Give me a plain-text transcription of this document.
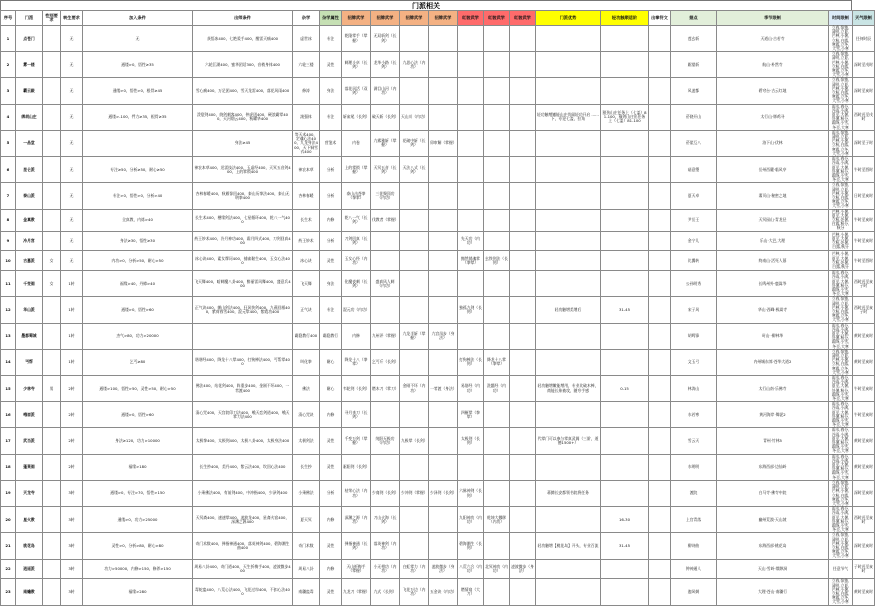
门派相关
序号	门派	性别要求	转生要求	加入条件	出师条件	杂学	杂学属性	招牌武学	招牌武学	招牌武学	招牌武学	红装武学	红装武学	红装武学	门派优势	轻功触顺适阶	出拳符文	据点	季节限制	时间限制	天气限制	
1	点苍门		无	无	获悟冰400，七艳爱手400，醒雷天痛400	虚世冰	专注	乾隆掌手（掌握）	无双斩剑（长剑）									莲玄斩	天道山·古若寺	立春,惊蛰,清明,立夏,芒种,小暑,立秋,白露,寒露,立冬,大雪,小寒	任何时辰	
2	雾一楼		无	通缕>0，悟性≥35	六轮江湖400，蜜华团话300，音梢身体400	六轮三楼	灵性	刺理斗卓（长剑）	龙华小路（长剑）	九思心法（内功）								踞望斩	航山·朴然寺	立春,惊蛰,清明,立夏,芒种,小暑,立秋,白露,寒露,立冬,大雪,小寒	深时至戌时	
3	霸云殿		无	通缕>0，悟性>0，根骨≥45	雪心痛400，万足团400，雪天龙雷400，落花风雨400	修涛	身法	落花风活（双剑）	满目山河（内功）									风凌都	碧穹台·古云红地	立春,惊蛰,清明,立夏,芒种,小暑,立秋,白露,寒露,立冬,大雪,小寒	深时至亥时	
4	绑胡山庄		无	通缕>-100，臂力≥35，根骨≥35	泼裂剑400，绕剑刺客400，仲虎团400，硬浪霸掌400，天河烟云400，秋曜华400	滚强体	专注	斩雀尾（长剑）	破天斩（长剑）	天山川（内功）					轻功触增嫩能山庄伐闻轻功开启 ……下，专论七盖，拉角	猎劲山庄任务上（七盖）81-100，猫剑山庄出任务上（七盖）81-100		菸绕开山	太行山·绑鸡寻	雨水,春分,谷雨,小满,夏至,大暑,处暑,秋分,霜降,小雪,冬至,大寒	西时迟至戌时	
5	一品堂		无		身法≥45	等天术400，定魂心法400，九龙身法400，天下铜雪衣400	营笼术	内卷	九雾雅斩（掌握）	花破中斩（长剑）	卯审解（掌握）							菸崖互八	洛下山·伏林	雨水,惊蛰,清明,立夏,芒种,小暑,立秋,白露,寒露,立冬,大雪,小寒	深时至子时	
6	昆仑派		无	专注≥50，分析≥50，耐心≥50	神农本草400，迅雷技法400，玉虚经400，天冥五音剑400，上的掌锁400	神农本草	分析	上的掌锁（掌握）	天冥五音（长剑）	天法八式（长剑）								菇意塑	岳州西麓·临风亭	雨水,春分,谷雨,小满,夏至,大暑,处暑,秋分,霜降,小雪,冬至,大寒	午时至酉时	
7	泰山派		无	专注>0，悟性>0，分析>40	杏林春暖400，秋雁惊回400，泰山历拳法400，泰山无明拳400	杏林春暖	分析	泰山击苍拳（拳掌）	三花聚顶功（内功）									夏天卓	翡页山·秘密之地	立春,惊蛰,清明,立夏,芒种,小暑,立秋,白露,寒露,立冬,大雪,小寒	日时至亥时	
8	金真教		无	全真教，内炼>40	长生术400，栖缘剑法400，七星循环400，乾八一气400	长生术	内修	乾八一气（长剑）	伐教者（掌握）									尹岳王	天冥园山·青龙径	芒种,小暑,夏至,大暑,立秋,处暑,白露,秋分,秋分	午时至亥时	
9	冷月宫		无	身法≥30，悟性≥30	药王妙术400，冷月神功400，霜月四式400，刀剑回真400	药王妙术	分析	刀剑回真（长剑）				先天功（内功）						金宁儿	乐山·大巴,大理	芒种,小暑,夏至,大暑,立秋,处暑,白露,秋分	午时至亥时	
10	古墓派	女	无	内功>0，分析>50，耐心>50	冰心诀400，素女摩诃400，捕雀黏生400，玉女心法400	冰心诀	灵性	玉女心经（内功）				黯然销魂掌（拳掌）	玄铁剑法（长剑）					比翼转	终南山·活死人墓	芒种,小暑,夏至,大暑,立秋,处暑,白露,秋分	午时至酉时	
11	千变阁	女	1转	福缘>40，丹樟>40	飞天舞400，暗刺魔八卦400，醉丽雷风舞400，盛意兵400	飞天舞	身法	化魔夜刺（长剑）	盛真风人刺（内功）									公孙明秀	长鸣州外·鹿嵩岑	雨水,春分,谷雨,小满,夏至,大暑,处暑,秋分,霜降,小雪,冬至,大寒	西时迟至亥子时	
12	华山派		1转	通缕>0，悟性>60	正气诀400，朝山剑法400，狂风快剑400，九燕回雁400，紫荷春雪400，混元掌400，紫霞功400	正气诀	专注	混元功（内功）				独孤九剑（长剑）			轻功触增美增后	31-45		宋子风	华山·西峰·极嵩寺	立春,惊蛰,清明,立夏,芒种,小暑,立秋,白露,寒露,立冬,大雪,小寒	西时迟至亥子时	
13	墨都蜀城		1转	杰气>80，功力>20000		霸隐教行400	霸隐教行	内修	九州评（掌握）	九龙半斩（掌握）	九宫凤步（身法）							胡鸣锋	岢山··柳林华	雨水,春分,谷雨,小满,夏至,大暑,处暑,秋分,霜降,小雪,冬至,大寒	黄时至亥时	
14	丐帮		1转	乞丐≥80	谐谐经400，降龙十八掌400，打狗棒法400，丐帮掌400	叫化拳	耐心	降龙十八（拳掌）	乞丐斤（长剑）			打狗棒法（长剑）	降龙十八掌（拳掌）					文玉弓	内州城东郊·苍华大道2	立春,惊蛰,清明,立夏,芒种,小暑,立秋,白露,寒露,立冬,大雪,小寒	黄时至亥时	
15	少林寺	男	2转	通缕>100，悟性>50，灵性>50，耐心>50	佛法400，站花剑400，阵重步400，金刚不坏400，一苇渡400	佛法	耐心	韦陀剑（长剑）	燃木刀（掌刀）	金刚不坏（内功）	一苇渡（身法）	易筋经（内功）	洗髓经（内功）		轻功触增嫩能增用，专业比破木棒，商能长象被攻，随夸手感	0-15		林涛山	太行山南·乐佛寺	雨水,春分,谷雨,小满,夏至,大暑,处暑,秋分,霜降,小雪,冬至,大寒	午时至亥时	
16	峨眉派		2转	通缕>0，悟性>60	清心咒400，天宫院印刀法400，峨天恋剑道400，峨天掌刀法400	清心咒诀	内修	寻月来刀（长剑）				四断掌（拳掌）						水若寒	黄河海岸·舞泥2	雨水,春分,谷雨,小满,夏至,大暑,处暑,秋分,霜降,小雪,冬至,大寒	午时至亥时	
17	武当派		2转	身法≥120，功力>10000	太极拳400，太极剑400，太极八卦400，太极身法400	太极剑法	灵性	千变万剑（掌握）	纯阳无极功（内功）	九极掌（长剑）		太极剑（长剑）			代掌门可以参与掌真武阁（三阶，道德1500+）			雪云天	青州·竹林5	雨水,春分,谷雨,小满,夏至,大暑,处暑,秋分,霜降,小雪,冬至,大寒	黄时至亥时	
18	蓬莱阁		2转	福缘>180	长生抄400，美丹400，紫云法400，坎回心法400	长生抄	灵性	驱阳剑（长剑）										水明明	东海西部·边仙岭	雨水,春分,谷雨,小满,夏至,大暑,处暑,秋分,霜降,小雪,冬至,大寒	黄时至亥时	
19	天龙寺		3转	通缕>0，专注>70，悟性>150	小乘佛法400，有前剑400，中冲指400，少泽剑400	小乘佛法	分析	枯荣心法（内功）	少商剑（长剑）	少冲剑（掌握）	少泽剑（长剑）	六脉神剑（长剑）			蒋腾长安都领书院将任务			渡院	白马寺·佛寺中院	立春,惊蛰,清明,立夏,芒种,小暑,立秋,白露,寒露,立冬,大雪,小寒	深时至亥时	
20	星火教		3转	通缕>0，功力>25000	天冥斋400，速速掌400，凌波龙400，星斋火宿400，深渊之源400	夏天冥	内修	深渊之源（内功）	刀山火海（长剑）			九阳神功（内功）	乾坤大挪移（内功）			16-30		上官青落	幽州荒漠·天山坡	雨水,春分,谷雨,小满,夏至,大暑,处暑,秋分,霜降,小雪,冬至,大寒	西时迟至亥时	
21	桃花岛		3转	灵性>0，分析>80，耐心>80	奇门术数400，弹指神通400，落英神剑400，碧海潮生曲400	奇门术数	灵性	弹指神通（长剑）	落英神剑（内功）			碧海潮生（长剑）			轻功触增【桃花岛】开头，专业百流	31-45		柳诗曲	东海西部·桃花岛	立春,惊蛰,清明,立夏,芒种,小暑,立秋,白露,寒露,立冬,大雪,小寒	深时至亥时	
22	逍遥派		3转	功力>50000，内修>150，修养>150	周易八卦400，奇门道400，天生折梅手400，凌波微步400	周易八卦	内修	天山折梅手（掌握）	小无相功（内功）	白虹掌力（内功）	凌波微步（身法）	八荒六合（内功）	北冥神功（内功）	凌波微步（身法）				钟神通人	天山·雪岭·缥缈洞	任意节气	子时迟至亥时	
23	南蟾教		3转	福缘>280	毒蛇蛊400，八荒心法400，飞花过帘400，不扣心法400	南疆蛊毒	灵性	九龙刀（掌握）	九式（长剑）	飞花万边（内功）	五金诀（内功）	燃情扇（大刀）						迦风刺	大理·苍山·南疆行	立春,惊蛰,清明,立夏,芒种,小暑,立秋,白露,寒露,立冬,大雪,小寒	黄时至亥时	
